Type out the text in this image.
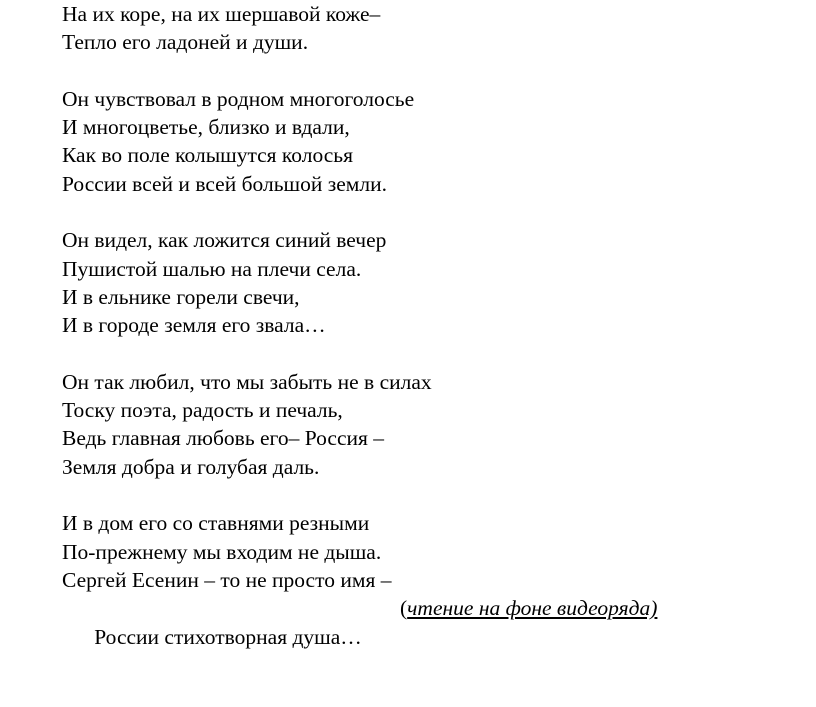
На их коре, на их шершавой коже–
Тепло его ладоней и души.
Он чувствовал в родном многоголосье
И многоцветье, близко и вдали,
Как во поле колышутся колосья
России всей и всей большой земли.
Он видел, как ложится синий вечер
Пушистой шалью на плечи села.
И в ельнике горели свечи,
И в городе земля его звала…
Он так любил, что мы забыть не в силах
Тоску поэта, радость и печаль,
Ведь главная любовь его– Россия –
Земля добра и голубая даль.
И в дом его со ставнями резными
По-прежнему мы входим не дыша.
Сергей Есенин – то не просто имя –

России стихотворная душа…

(чтение на фоне видеоряда)
